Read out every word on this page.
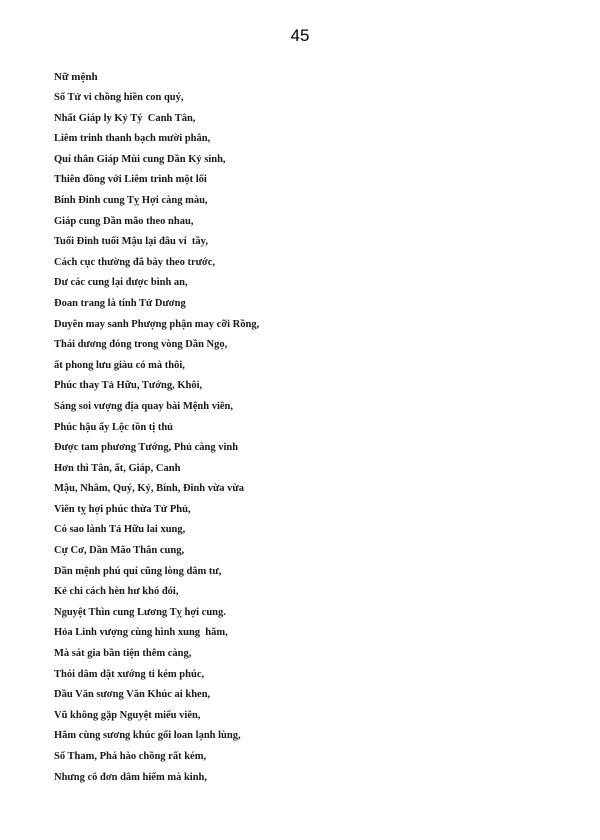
45
Nữ mệnh
Số Tử vi chồng hiền con quý,
Nhất Giáp ly Kỷ Tý  Canh Tân,
Liêm trinh thanh bạch mười phân,
Quí thân Giáp Mùi cung Dần Kỷ sinh,
Thiên đồng với Liêm trinh một lối
Bính Đinh cung Tỵ Hợi càng màu,
Giáp cung Dần mão theo nhau,
Tuổi Đinh tuổi Mậu lại đâu ví  tầy,
Cách cục thường đã bày theo trước,
Dư các cung lại được bình an,
Đoan trang là tính Tử Dương
Duyên may sanh Phượng phận may cỡi Rồng,
Thái dương đóng trong vòng Dần Ngọ,
ất phong lưu giàu có mà thôi,
Phúc thay Tả Hữu, Tướng, Khôi,
Sáng soi vượng địa quay bài Mệnh viên,
Phúc hậu ấy Lộc tồn tị thủ
Được tam phương Tướng, Phủ càng vinh
Hơn thì Tân, ất, Giáp, Canh
Mậu, Nhâm, Quý, Kỷ, Bính, Đinh vừa vừa
Viên tỵ hợi phúc thừa Tử Phủ,
Có sao lành Tả Hữu lai xung,
Cự Cơ, Dần Mão Thân cung,
Dần mệnh phú quí cũng lòng dâm tư,
Kẻ chi cách hèn hư khó đói,
Nguyệt Thìn cung Lương Tỵ hợi cung.
Hỏa Linh vượng cùng hình xung  hãm,
Mà sát gia bần tiện thêm càng,
Thói dâm dật xướng ti kém phúc,
Dầu Văn sương Văn Khúc ai khen,
Vũ không gặp Nguyệt miếu viên,
Hãm cùng sương khúc gối loan lạnh lùng,
Số Tham, Phá hào chồng rất kém,
Nhưng cô đơn dâm hiểm mà kinh,
